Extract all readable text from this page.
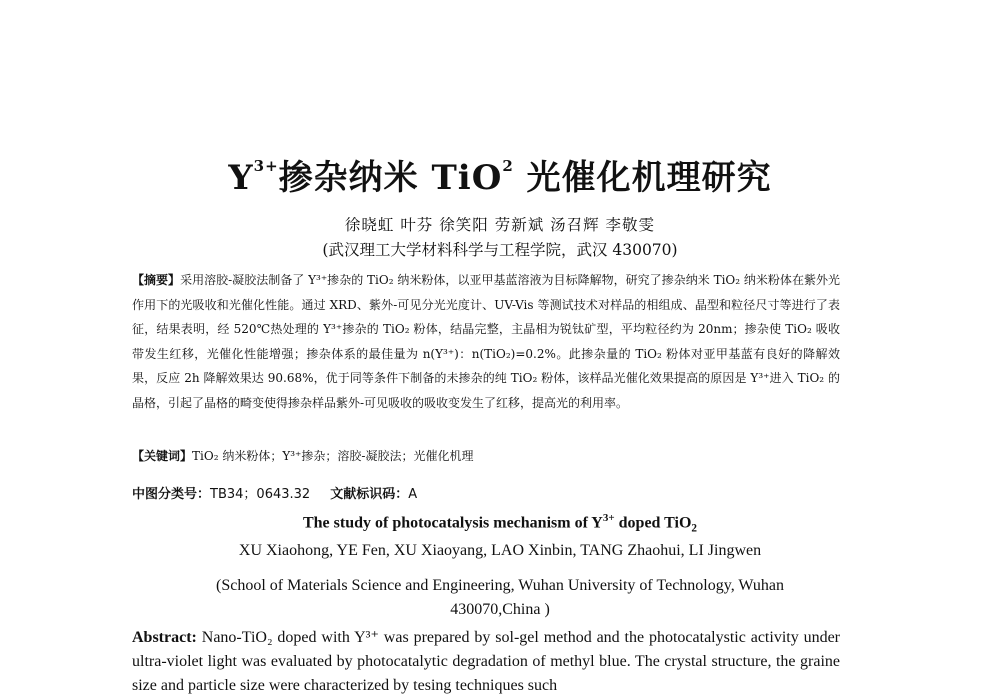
$Y^{3+}$掺杂纳米 TiO$^2$ 光催化机理研究
徐晓虹 叶芬 徐笑阳 劳新斌 汤召辉 李敬雯
(武汉理工大学材料科学与工程学院，武汉 430070)
【摘要】采用溶胶-凝胶法制备了 Y³⁺掺杂的 TiO₂ 纳米粉体，以亚甲基蓝溶液为目标降解物，研究了掺杂纳米 TiO₂ 纳米粉体在紫外光作用下的光吸收和光催化性能。通过 XRD、紫外-可见分光光度计、UV-Vis 等测试技术对样品的相组成、晶型和粒径尺寸等进行了表征，结果表明，经 520℃热处理的 Y³⁺掺杂的 TiO₂ 粉体，结晶完整，主晶相为锐钛矿型，平均粒径约为 20nm；掺杂使 TiO₂ 吸收带发生红移，光催化性能增强；掺杂体系的最佳量为 n(Y³⁺)：n(TiO₂)=0.2%。此掺杂量的 TiO₂ 粉体对亚甲基蓝有良好的降解效果，反应 2h 降解效果达 90.68%，优于同等条件下制备的未掺杂的纯 TiO₂ 粉体，该样品光催化效果提高的原因是 Y³⁺进入 TiO₂ 的晶格，引起了晶格的畸变使得掺杂样品紫外-可见吸收的吸收变发生了红移，提高光的利用率。
【关键词】TiO₂ 纳米粉体；Y³⁺掺杂；溶胶-凝胶法；光催化机理
中图分类号：TB34；0643.32 文献标识码：A
The study of photocatalysis mechanism of $Y^{3+}$ doped TiO$_2$
XU Xiaohong, YE Fen, XU Xiaoyang, LAO Xinbin, TANG Zhaohui, LI Jingwen
(School of Materials Science and Engineering, Wuhan University of Technology, Wuhan
430070,China )
Abstract: Nano-TiO₂ doped with Y³⁺ was prepared by sol-gel method and the photocatalystic activity under ultra-violet light was evaluated by photocatalytic degradation of methyl blue. The crystal structure, the graine size and particle size were characterized by tesing techniques such
